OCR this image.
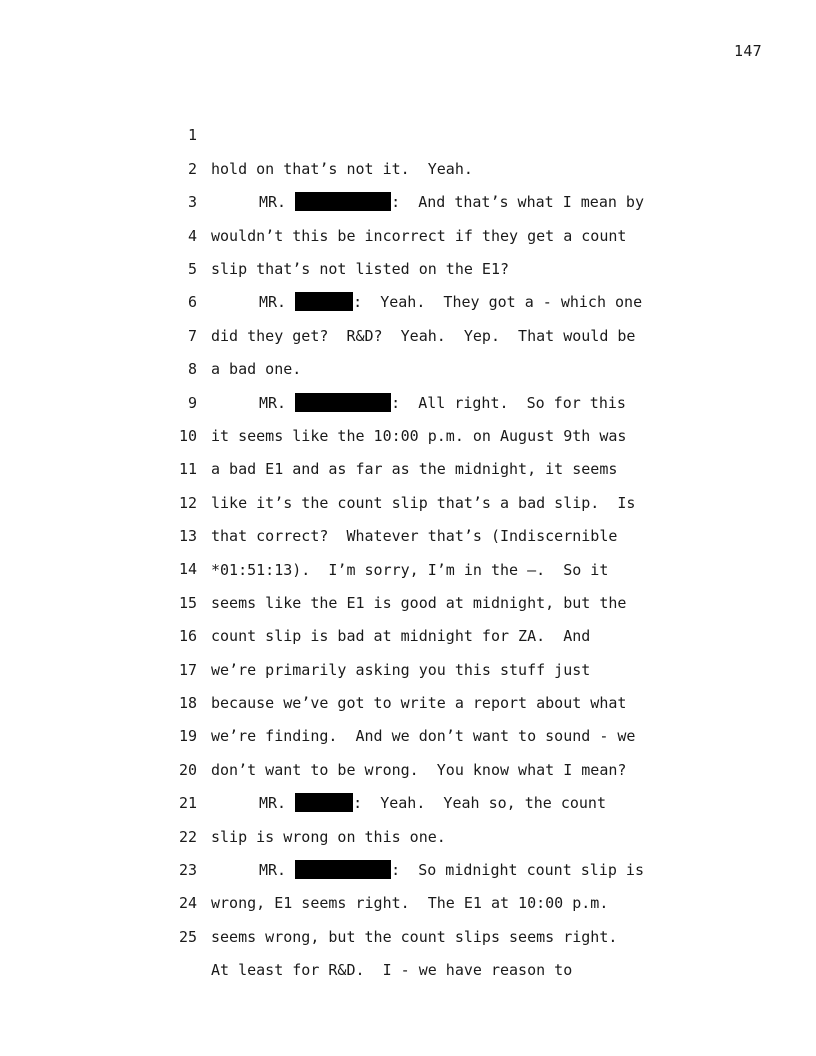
147

1

hold on that’s not it.  Yeah.

2

MR.	:  And that’s what I mean by

3

wouldn’t this be incorrect if they get a count

4

slip that’s not listed on the E1?

5

MR.	:  Yeah.  They got a - which one

6

did they get?  R&D?  Yeah.  Yep.  That would be

7

a bad one.

8

MR.	:  All right.  So for this

9

it seems like the 10:00 p.m. on August 9th was

10

a bad E1 and as far as the midnight, it seems

11

like it’s the count slip that’s a bad slip.  Is

12

that correct?  Whatever that’s (Indiscernible

13

*01:51:13).  I’m sorry, I’m in the –.  So it

14

seems like the E1 is good at midnight, but the

15

count slip is bad at midnight for ZA.  And

16

we’re primarily asking you this stuff just

17

because we’ve got to write a report about what

18

we’re finding.  And we don’t want to sound - we

19

don’t want to be wrong.  You know what I mean?

20

MR.	:  Yeah.  Yeah so, the count

21

slip is wrong on this one.

22

MR.	:  So midnight count slip is

23

wrong, E1 seems right.  The E1 at 10:00 p.m.

24

seems wrong, but the count slips seems right.

25

At least for R&D.  I - we have reason to
